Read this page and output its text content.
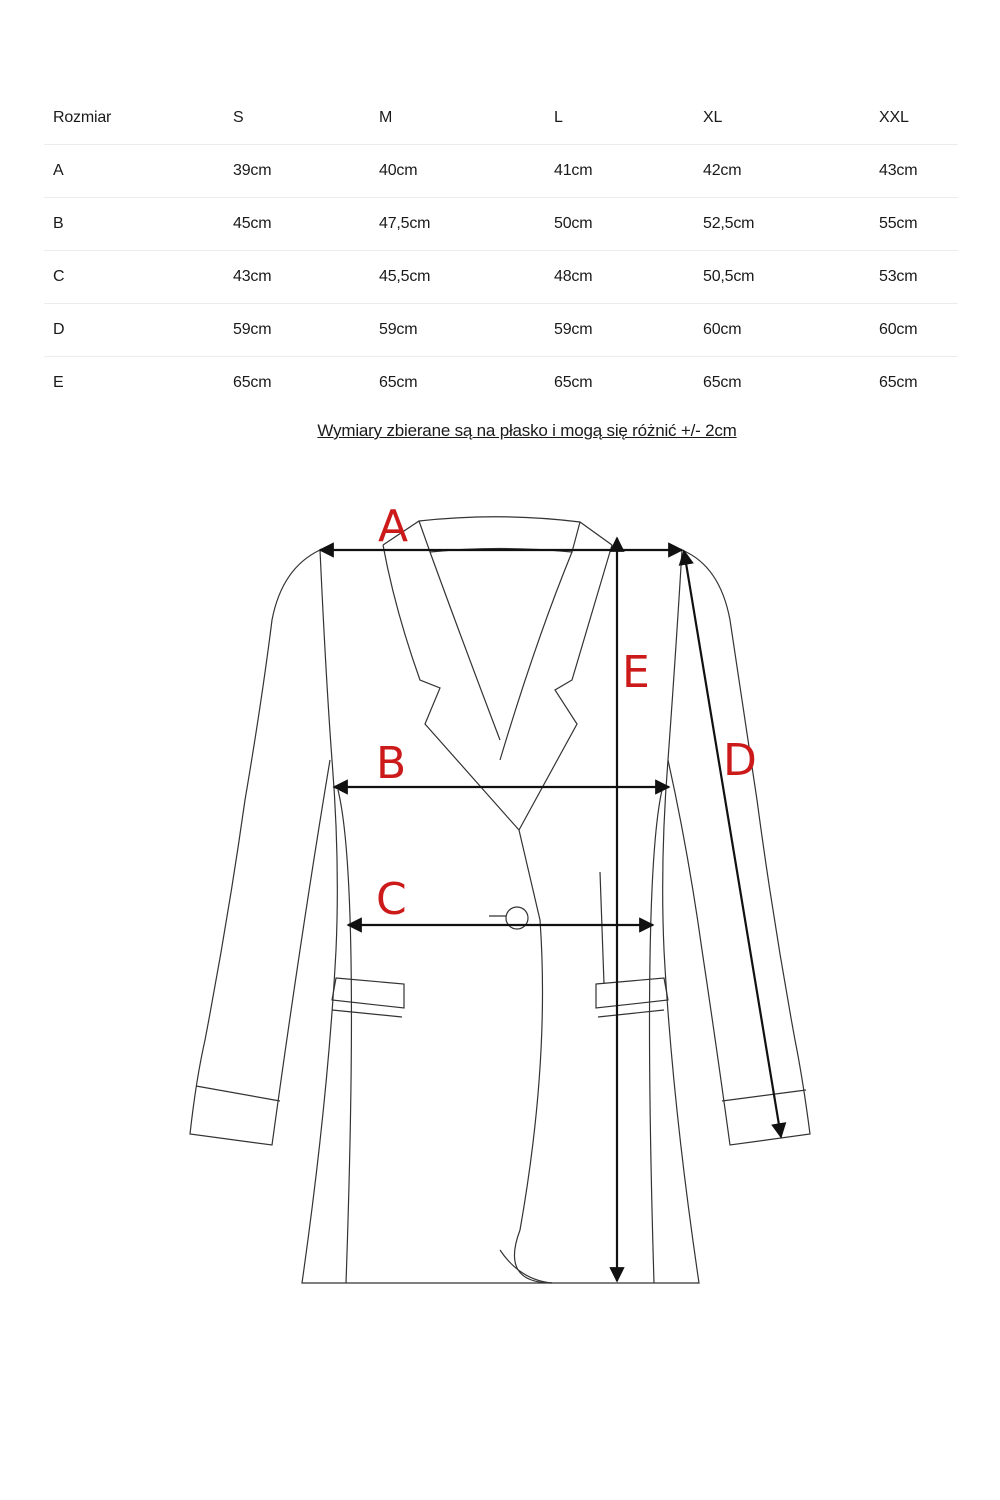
Rozmiar	S	M	L	XL	XXL
A	39cm	40cm	41cm	42cm	43cm
B	45cm	47,5cm	50cm	52,5cm	55cm
C	43cm	45,5cm	48cm	50,5cm	53cm
D	59cm	59cm	59cm	60cm	60cm
E	65cm	65cm	65cm	65cm	65cm
Wymiary zbierane są na płasko i mogą się różnić +/- 2cm
A
B
C
D
E
